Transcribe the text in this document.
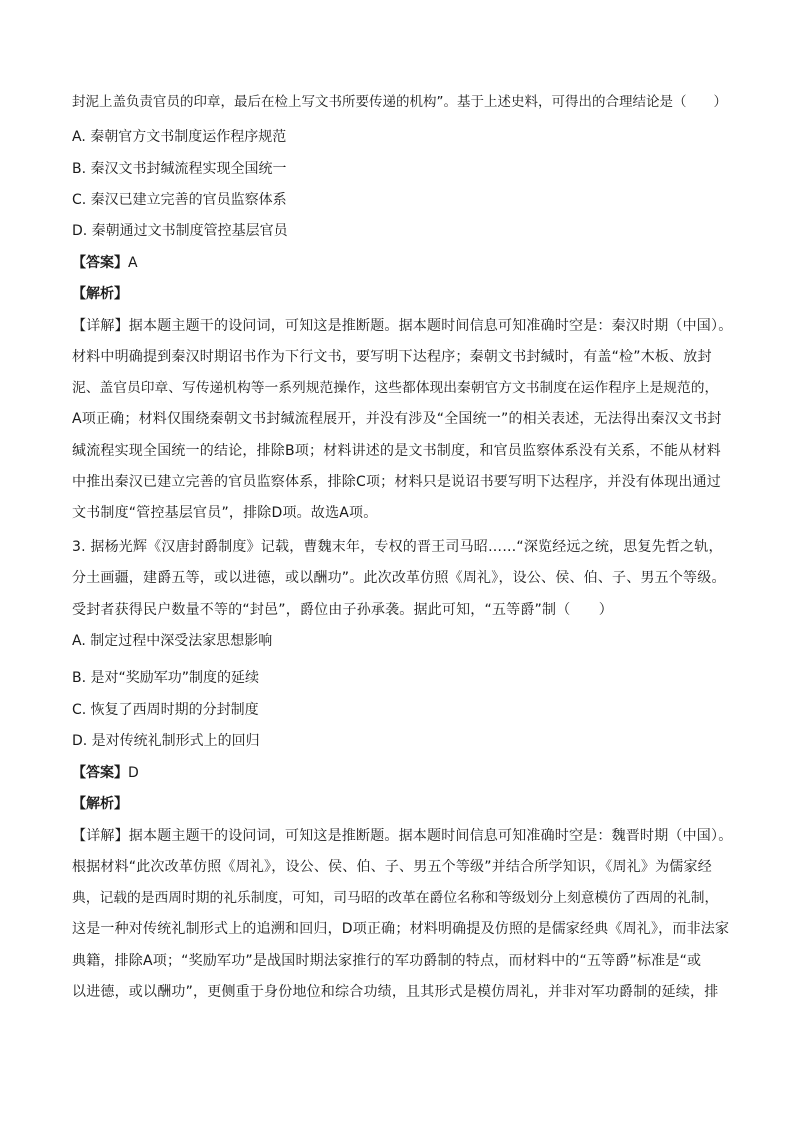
封泥上盖负责官员的印章，最后在检上写文书所要传递的机构”。基于上述史料，可得出的合理结论是（　　）
A. 秦朝官方文书制度运作程序规范
B. 秦汉文书封缄流程实现全国统一
C. 秦汉已建立完善的官员监察体系
D. 秦朝通过文书制度管控基层官员
【答案】A
【解析】
【详解】据本题主题干的设问词，可知这是推断题。据本题时间信息可知准确时空是：秦汉时期（中国）。
材料中明确提到秦汉时期诏书作为下行文书，要写明下达程序；秦朝文书封缄时，有盖“检”木板、放封
泥、盖官员印章、写传递机构等一系列规范操作，这些都体现出秦朝官方文书制度在运作程序上是规范的，
A项正确；材料仅围绕秦朝文书封缄流程展开，并没有涉及“全国统一”的相关表述，无法得出秦汉文书封
缄流程实现全国统一的结论，排除B项；材料讲述的是文书制度，和官员监察体系没有关系，不能从材料
中推出秦汉已建立完善的官员监察体系，排除C项；材料只是说诏书要写明下达程序，并没有体现出通过
文书制度“管控基层官员”，排除D项。故选A项。
3. 据杨光辉《汉唐封爵制度》记载，曹魏末年，专权的晋王司马昭……“深览经远之统，思复先哲之轨，
分土画疆，建爵五等，或以进德，或以酬功”。此次改革仿照《周礼》，设公、侯、伯、子、男五个等级。
受封者获得民户数量不等的“封邑”，爵位由子孙承袭。据此可知，“五等爵”制（　　）
A. 制定过程中深受法家思想影响
B. 是对“奖励军功”制度的延续
C. 恢复了西周时期的分封制度
D. 是对传统礼制形式上的回归
【答案】D
【解析】
【详解】据本题主题干的设问词，可知这是推断题。据本题时间信息可知准确时空是：魏晋时期（中国）。
根据材料“此次改革仿照《周礼》，设公、侯、伯、子、男五个等级”并结合所学知识，《周礼》为儒家经
典，记载的是西周时期的礼乐制度，可知，司马昭的改革在爵位名称和等级划分上刻意模仿了西周的礼制，
这是一种对传统礼制形式上的追溯和回归，D项正确；材料明确提及仿照的是儒家经典《周礼》，而非法家
典籍，排除A项；“奖励军功”是战国时期法家推行的军功爵制的特点，而材料中的“五等爵”标准是“或
以进德，或以酬功”，更侧重于身份地位和综合功绩，且其形式是模仿周礼，并非对军功爵制的延续，排
